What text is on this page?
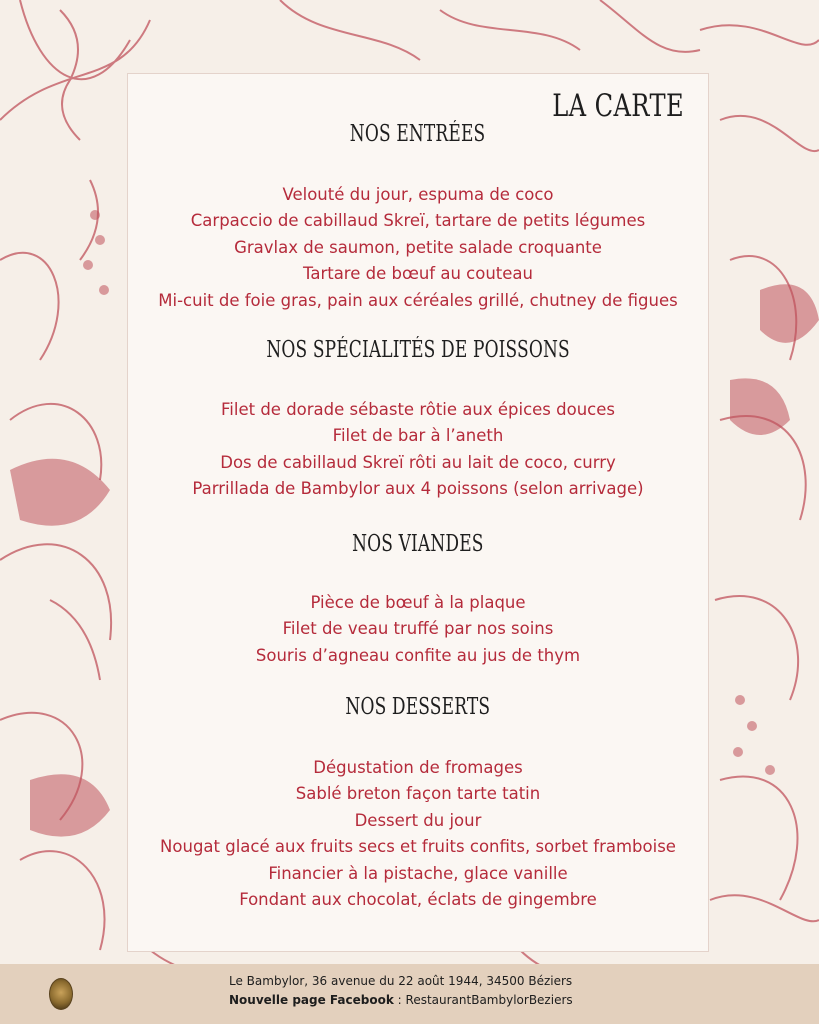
LA CARTE
NOS ENTRÉES
Velouté du jour, espuma de coco
Carpaccio de cabillaud Skreï, tartare de petits légumes
Gravlax de saumon, petite salade croquante
Tartare de bœuf au couteau
Mi-cuit de foie gras, pain aux céréales grillé, chutney de figues
NOS SPÉCIALITÉS DE POISSONS
Filet de dorade sébaste rôtie aux épices douces
Filet de bar à l’aneth
Dos de cabillaud Skreï rôti au lait de coco, curry
Parrillada de Bambylor aux 4 poissons (selon arrivage)
NOS VIANDES
Pièce de bœuf à la plaque
Filet de veau truffé par nos soins
Souris d’agneau confite au jus de thym
NOS DESSERTS
Dégustation de fromages
Sablé breton façon tarte tatin
Dessert du jour
Nougat glacé aux fruits secs et fruits confits, sorbet framboise
Financier à la pistache, glace vanille
Fondant aux chocolat, éclats de gingembre
Le Bambylor, 36 avenue du 22 août 1944, 34500 Béziers
Nouvelle page Facebook : RestaurantBambylorBeziers
